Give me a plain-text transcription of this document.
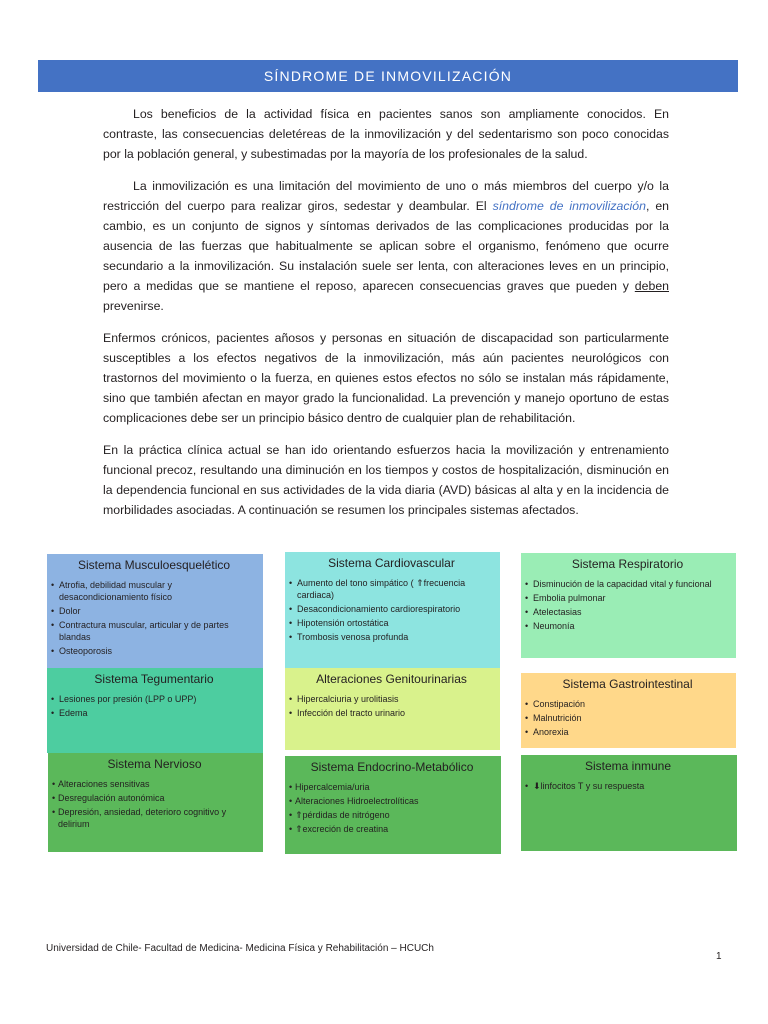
SÍNDROME DE INMOVILIZACIÓN

Los beneficios de la actividad física en pacientes sanos son ampliamente conocidos. En contraste, las consecuencias deletéreas de la inmovilización y del sedentarismo son poco conocidas por la población general, y subestimadas por la mayoría de los profesionales de la salud.

La inmovilización es una limitación del movimiento de uno o más miembros del cuerpo y/o la restricción del cuerpo para realizar giros, sedestar y deambular. El síndrome de inmovilización, en cambio, es un conjunto de signos y síntomas derivados de las complicaciones producidas por la ausencia de las fuerzas que habitualmente se aplican sobre el organismo, fenómeno que ocurre secundario a la inmovilización. Su instalación suele ser lenta, con alteraciones leves en un principio, pero a medidas que se mantiene el reposo, aparecen consecuencias graves que pueden y deben prevenirse.

Enfermos crónicos, pacientes añosos y personas en situación de discapacidad son particularmente susceptibles a los efectos negativos de la inmovilización, más aún pacientes neurológicos con trastornos del movimiento o la fuerza, en quienes estos efectos no sólo se instalan más rápidamente, sino que también afectan en mayor grado la funcionalidad. La prevención y manejo oportuno de estas complicaciones debe ser un principio básico dentro de cualquier plan de rehabilitación.

En la práctica clínica actual se han ido orientando esfuerzos hacia la movilización y entrenamiento funcional precoz, resultando una diminución en los tiempos y costos de hospitalización, disminución en la dependencia funcional en sus actividades de la vida diaria (AVD) básicas al alta y en la incidencia de morbilidades asociadas. A continuación se resumen los principales sistemas afectados.

Sistema Musculoesquelético
• Atrofia, debilidad muscular y desacondicionamiento físico
• Dolor
• Contractura muscular, articular y de partes blandas
• Osteoporosis
Sistema Cardiovascular
• Aumento del tono simpático ( ⇑frecuencia cardiaca)
• Desacondicionamiento cardiorespiratorio
• Hipotensión ortostática
• Trombosis venosa profunda
Sistema Respiratorio
• Disminución de la capacidad vital y funcional
• Embolia pulmonar
• Atelectasias
• Neumonía
Sistema Tegumentario
• Lesiones por presión (LPP o UPP)
• Edema
Alteraciones Genitourinarias
• Hipercalciuria y urolitiasis
• Infección del tracto urinario
Sistema Gastrointestinal
• Constipación
• Malnutrición
• Anorexia
Sistema Nervioso
• Alteraciones sensitivas
• Desregulación autonómica
• Depresión, ansiedad, deterioro cognitivo y delirium
Sistema Endocrino-Metabólico
• Hipercalcemia/uria
• Alteraciones Hidroelectrolíticas
• ⇑pérdidas de nitrógeno
• ⇑excreción de creatina
Sistema inmune
• ⬇linfocitos T y su respuesta
Universidad de Chile- Facultad de Medicina- Medicina Física y Rehabilitación – HCUCh
1
